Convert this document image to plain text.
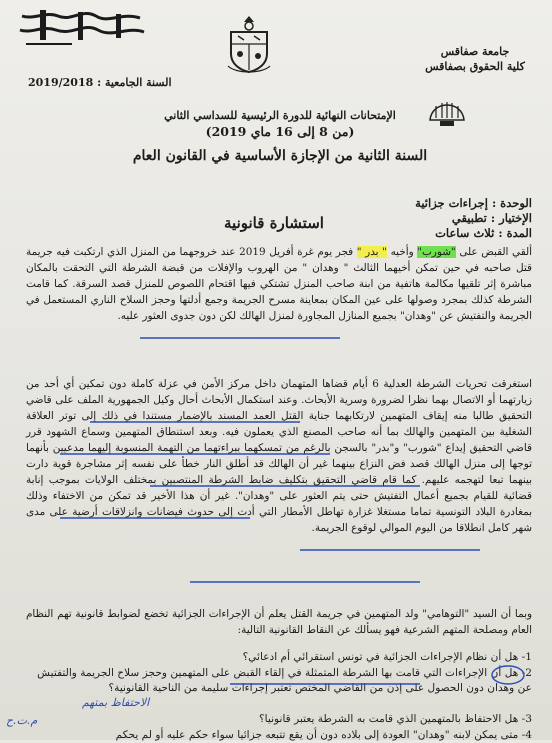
جامعة صفاقس
كلية الحقوق بصفاقس
السنة الجامعية : 2019/2018
الإمتحانات النهائية للدورة الرئيسية للسداسي الثاني
(من 8 إلى 16 ماي 2019)
السنة الثانية من الإجازة الأساسية في القانون العام
الوحدة : إجراءات جزائية
الإختيار : تطبيقي
المدة : ثلاث ساعات
استشارة قانونية
ألقي القبض على "شورب" وأخيه " بدر " فجر يوم غرة أفريل 2019 عند خروجهما من المنزل الذي ارتكبت فيه جريمة قتل صاحبه في حين تمكن أخيهما الثالث " وهدان " من الهروب والإفلات من قبضة الشرطة التي التحقت بالمكان مباشرة إثر تلقيها مكالمة هاتفية من ابنة صاحب المنزل تشتكي فيها اقتحام اللصوص للمنزل قصد السرقة. كما قامت الشرطة كذلك بمجرد وصولها على عين المكان بمعاينة مسرح الجريمة وجمع أدلتها وحجز السلاح الناري المستعمل في الجريمة والتفتيش عن "وهدان" بجميع المنازل المجاورة لمنزل الهالك لكن دون جدوى العثور عليه.
استغرقت تحريات الشرطة العدلية 6 أيام قضاها المتهمان داخل مركز الأمن في عزلة كاملة دون تمكين أي أحد من زيارتهما أو الاتصال بهما نظرا لضرورة وسرية الأبحاث. وعند استكمال الأبحاث أحال وكيل الجمهورية الملف على قاضي التحقيق طالبا منه إيقاف المتهمين لارتكابهما جناية القتل العمد المسند بالإضمار مستندا في ذلك إلى توتر العلاقة الشغلية بين المتهمين والهالك بما أنه صاحب المصنع الذي يعملون فيه. وبعد استنطاق المتهمين وسماع الشهود قرر قاضي التحقيق إيداع "شورب" و"بدر" بالسجن بالرغم من تمسكهما ببراءتهما من التهمة المنسوبة إليهما مدعيين بأنهما توجها إلى منزل الهالك قصد فض النزاع بينهما غير أن الهالك قد أطلق النار خطأ على نفسه إثر مشاجرة قوية دارت بينهما تبعا لتهجمه عليهم. كما قام قاضي التحقيق بتكليف ضابط الشرطة المنتصبين بمختلف الولايات بموجب إنابة قضائية للقيام بجميع أعمال التفتيش حتى يتم العثور على "وهدان". غير أن هذا الأخير قد تمكن من الاختفاء وذلك بمغادرة البلاد التونسية تماما مستغلا غزارة تهاطل الأمطار التي أدت إلى حدوث فيضانات وانزلاقات أرضية على مدى شهر كامل انطلاقا من اليوم الموالي لوقوع الجريمة.
وبما أن السيد "التوهامي" ولد المتهمين في جريمة القتل يعلم أن الإجراءات الجزائية تخضع لضوابط قانونية تهم النظام العام ومصلحة المتهم الشرعية فهو يسألك عن النقاط القانونية التالية:
1- هل أن نظام الإجراءات الجزائية في تونس استقرائي أم ادعائي؟
2- هل أن الإجراءات التي قامت بها الشرطة المتمثلة في إلقاء القبض على المتهمين وحجز سلاح الجريمة والتفتيش عن وهدان دون الحصول على إذن من القاضي المختص تعتبر إجراءات سليمة من الناحية القانونية؟
3- هل الاحتفاظ بالمتهمين الذي قامت به الشرطة يعتبر قانونيا؟
4- متى يمكن لابنه "وهدان" العودة إلى بلاده دون أن يقع تتبعه جزائيا سواء حكم عليه أو لم يحكم
الاحتفاظ بمتهم
م.ت.ح
